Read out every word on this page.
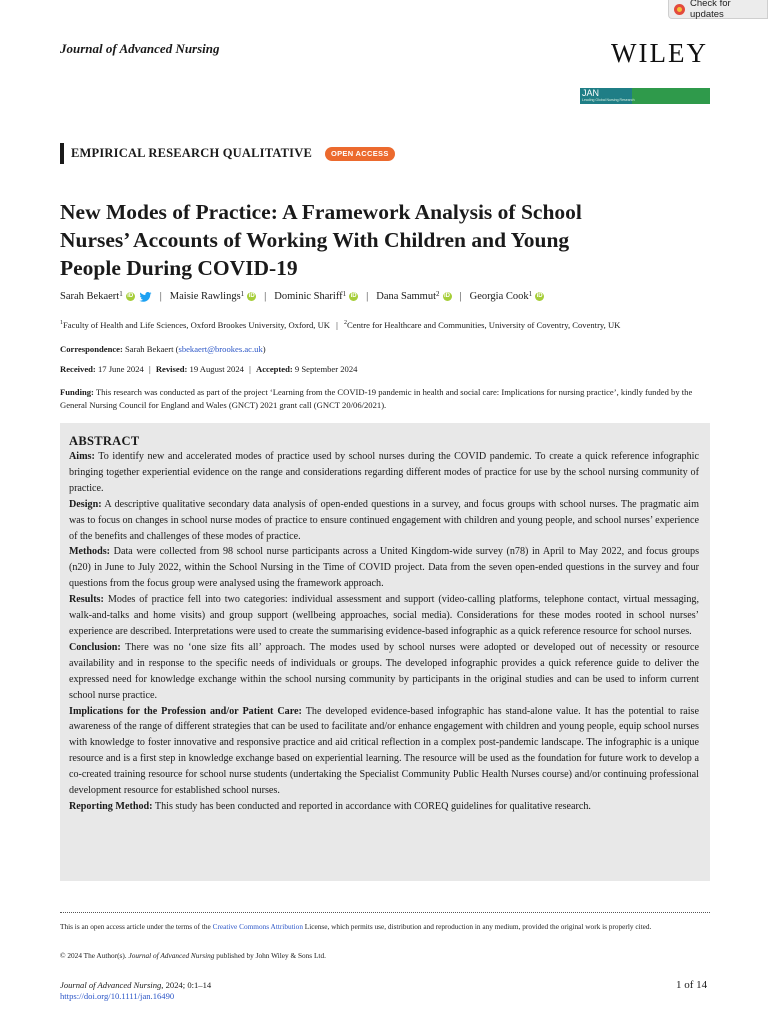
Check for updates
Journal of Advanced Nursing	WILEY
JAN
Leading Global Nursing Research
EMPIRICAL RESEARCH QUALITATIVE	OPEN ACCESS
New Modes of Practice: A Framework Analysis of School
Nurses’ Accounts of Working With Children and Young
People During COVID-19
Sarah Bekaert$^1$ iD	| Maisie Rawlings$^1$ iD | Dominic Shariff$^1$ iD | Dana Sammut$^2$ iD | Georgia Cook$^1$ iD
$^1$Faculty of Health and Life Sciences, Oxford Brookes University, Oxford, UK | $^2$Centre for Healthcare and Communities, University of Coventry, Coventry, UK
Correspondence: Sarah Bekaert (sbekaert@brookes.ac.uk)
Received: 17 June 2024 | Revised: 19 August 2024 | Accepted: 9 September 2024
Funding: This research was conducted as part of the project ‘Learning from the COVID-19 pandemic in health and social care: Implications for nursing practice’, kindly funded by the General Nursing Council for England and Wales (GNCT) 2021 grant call (GNCT 20/06/2021).
ABSTRACT

Aims: To identify new and accelerated modes of practice used by school nurses during the COVID pandemic. To create a quick reference infographic bringing together experiential evidence on the range and considerations regarding different modes of practice for use by the school nursing community of practice.

Design: A descriptive qualitative secondary data analysis of open-ended questions in a survey, and focus groups with school nurses. The pragmatic aim was to focus on changes in school nurse modes of practice to ensure continued engagement with children and young people, and school nurses’ experience of the benefits and challenges of these modes of practice.

Methods: Data were collected from 98 school nurse participants across a United Kingdom-wide survey (n78) in April to May 2022, and focus groups (n20) in June to July 2022, within the School Nursing in the Time of COVID project. Data from the seven open-ended questions in the survey and four questions from the focus group were analysed using the framework approach.

Results: Modes of practice fell into two categories: individual assessment and support (video-calling platforms, telephone contact, virtual messaging, walk-and-talks and home visits) and group support (wellbeing approaches, social media). Considerations for these modes rooted in school nurses’ experience are described. Interpretations were used to create the summarising evidence-based infographic as a quick reference resource for school nurses.

Conclusion: There was no ‘one size fits all’ approach. The modes used by school nurses were adopted or developed out of necessity or resource availability and in response to the specific needs of individuals or groups. The developed infographic provides a quick reference guide to deliver the expressed need for knowledge exchange within the school nursing community by participants in the original studies and can be used to inform current school nurse practice.

Implications for the Profession and/or Patient Care: The developed evidence-based infographic has stand-alone value. It has the potential to raise awareness of the range of different strategies that can be used to facilitate and/or enhance engagement with children and young people, equip school nurses with knowledge to foster innovative and responsive practice and aid critical reflection in a complex post-pandemic landscape. The infographic is a unique resource and is a first step in knowledge exchange based on experiential learning. The resource will be used as the foundation for future work to develop a co-created training resource for school nurse students (undertaking the Specialist Community Public Health Nurses course) and/or continuing professional development resource for established school nurses.

Reporting Method: This study has been conducted and reported in accordance with COREQ guidelines for qualitative research.

This is an open access article under the terms of the Creative Commons Attribution License, which permits use, distribution and reproduction in any medium, provided the original work is properly cited.
© 2024 The Author(s). Journal of Advanced Nursing published by John Wiley & Sons Ltd.
Journal of Advanced Nursing, 2024; 0:1–14
https://doi.org/10.1111/jan.16490
1 of 14
